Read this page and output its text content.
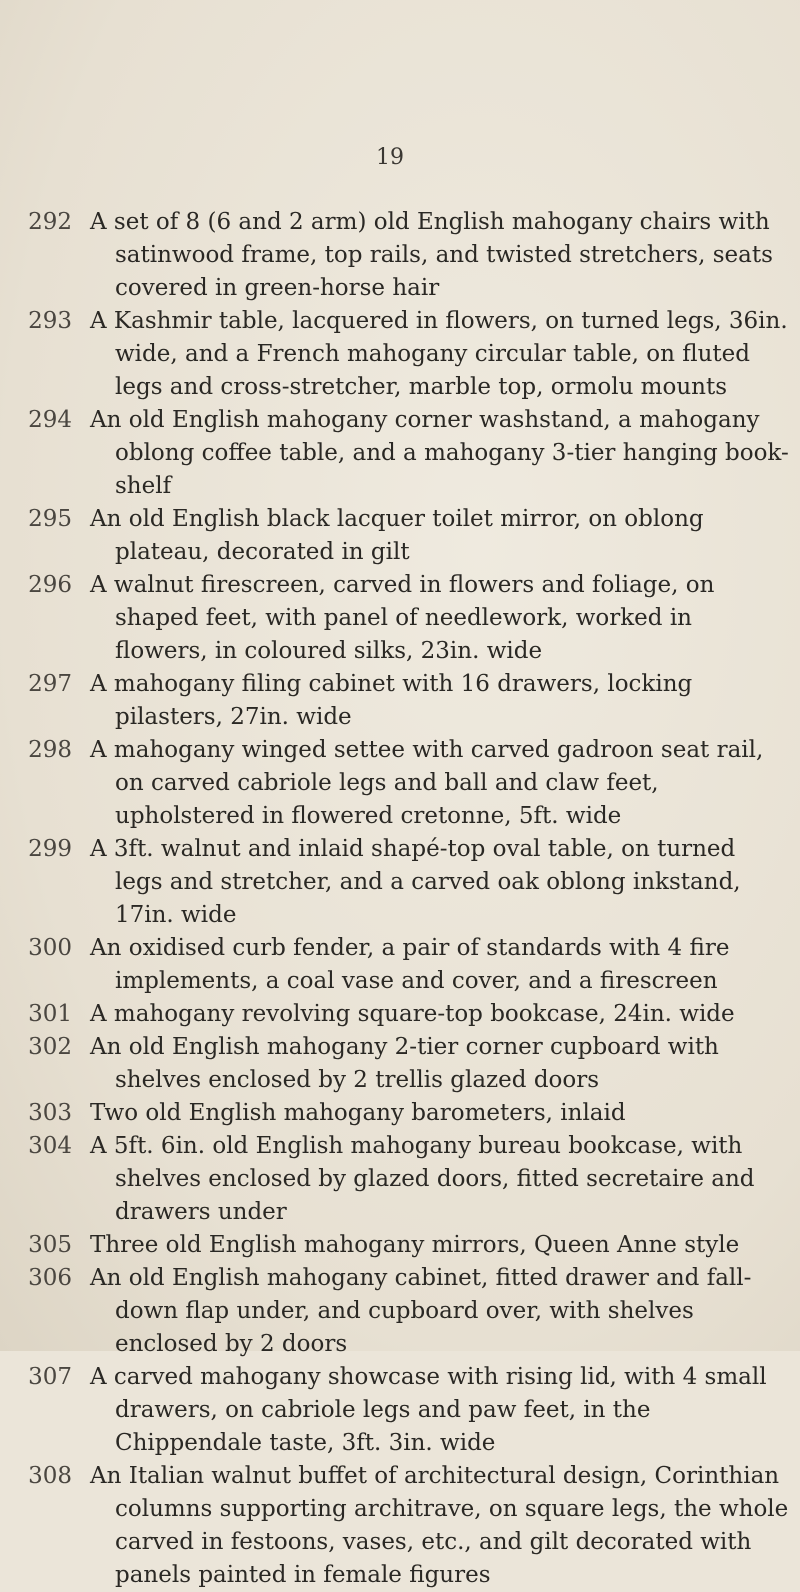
19
292 A set of 8 (6 and 2 arm) old English mahogany chairs with satinwood frame, top rails, and twisted stretchers, seats covered in green-horse hair
293 A Kashmir table, lacquered in flowers, on turned legs, 36in. wide, and a French mahogany circular table, on fluted legs and cross-stretcher, marble top, ormolu mounts
294 An old English mahogany corner washstand, a mahogany oblong coffee table, and a mahogany 3-tier hanging book-shelf
295 An old English black lacquer toilet mirror, on oblong plateau, decorated in gilt
296 A walnut firescreen, carved in flowers and foliage, on shaped feet, with panel of needlework, worked in flowers, in coloured silks, 23in. wide
297 A mahogany filing cabinet with 16 drawers, locking pilasters, 27in. wide
298 A mahogany winged settee with carved gadroon seat rail, on carved cabriole legs and ball and claw feet, upholstered in flowered cretonne, 5ft. wide
299 A 3ft. walnut and inlaid shapé-top oval table, on turned legs and stretcher, and a carved oak oblong inkstand, 17in. wide
300 An oxidised curb fender, a pair of standards with 4 fire implements, a coal vase and cover, and a firescreen
301 A mahogany revolving square-top bookcase, 24in. wide
302 An old English mahogany 2-tier corner cupboard with shelves enclosed by 2 trellis glazed doors
303 Two old English mahogany barometers, inlaid
304 A 5ft. 6in. old English mahogany bureau bookcase, with shelves enclosed by glazed doors, fitted secretaire and drawers under
305 Three old English mahogany mirrors, Queen Anne style
306 An old English mahogany cabinet, fitted drawer and fall-down flap under, and cupboard over, with shelves enclosed by 2 doors
307 A carved mahogany showcase with rising lid, with 4 small drawers, on cabriole legs and paw feet, in the Chippendale taste, 3ft. 3in. wide
308 An Italian walnut buffet of architectural design, Corinthian columns supporting architrave, on square legs, the whole carved in festoons, vases, etc., and gilt decorated with panels painted in female figures
